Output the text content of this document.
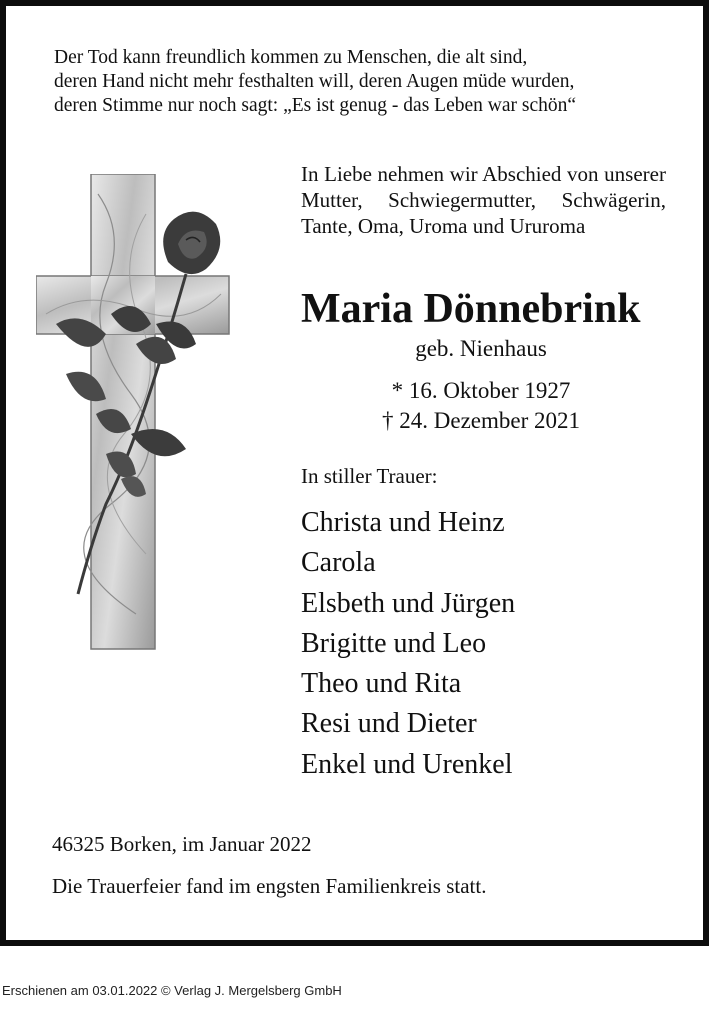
Der Tod kann freundlich kommen zu Menschen, die alt sind,
deren Hand nicht mehr festhalten will, deren Augen müde wurden,
deren Stimme nur noch sagt: „Es ist genug - das Leben war schön“

In Liebe nehmen wir Abschied von unserer Mutter, Schwiegermutter, Schwägerin, Tante, Oma, Uroma und Ururoma

Maria Dönnebrink
geb. Nienhaus
* 16. Oktober 1927
† 24. Dezember 2021
In stiller Trauer:
Christa und Heinz
Carola
Elsbeth und Jürgen
Brigitte und Leo
Theo und Rita
Resi und Dieter
Enkel und Urenkel
46325 Borken, im Januar 2022
Die Trauerfeier fand im engsten Familienkreis statt.
Erschienen am 03.01.2022 © Verlag J. Mergelsberg GmbH
